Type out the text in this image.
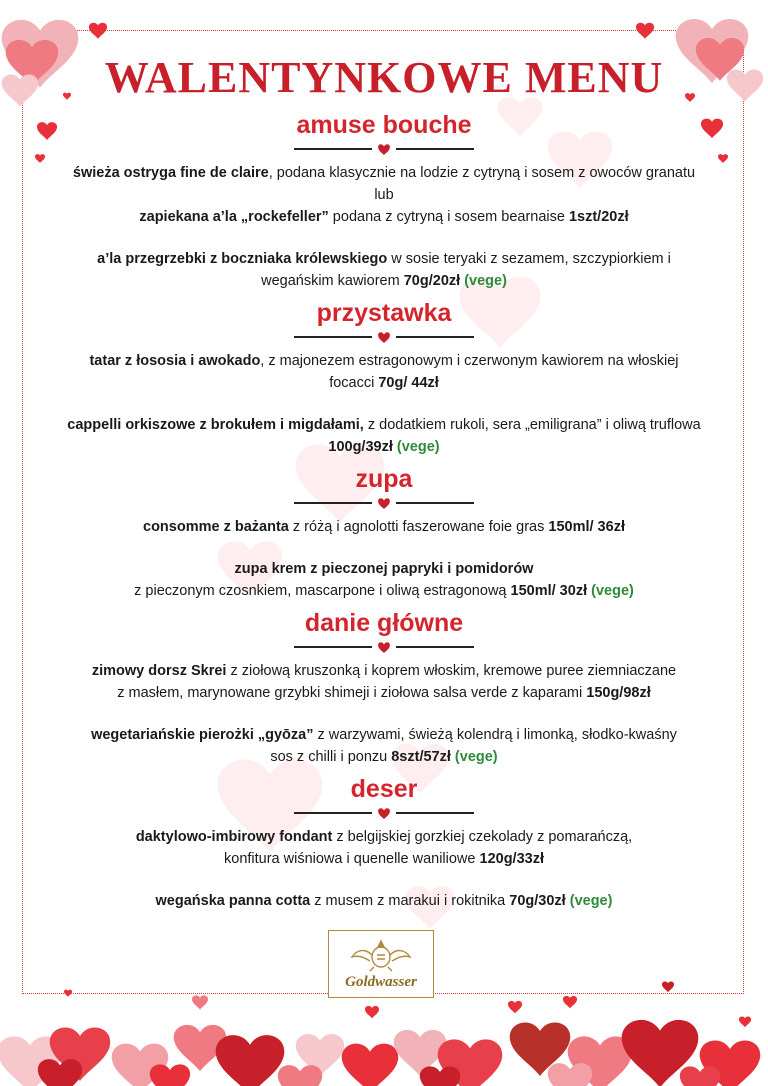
WALENTYNKOWE MENU
amuse bouche

świeża ostryga fine de claire, podana klasycznie na lodzie z cytryną i sosem z owoców granatu

lub

zapiekana a’la „rockefeller” podana z cytryną i sosem bearnaise 1szt/20zł

a’la przegrzebki z boczniaka królewskiego w sosie teryaki z sezamem, szczypiorkiem i

wegańskim kawiorem 70g/20zł (vege)

przystawka

tatar z łososia i awokado, z majonezem estragonowym i czerwonym kawiorem na włoskiej

focacci 70g/ 44zł

cappelli orkiszowe z brokułem i migdałami, z dodatkiem rukoli, sera „emiligrana” i oliwą truflowa

100g/39zł (vege)

zupa

consomme z bażanta z różą i agnolotti faszerowane foie gras 150ml/ 36zł

zupa krem z pieczonej papryki i pomidorów

z pieczonym czosnkiem, mascarpone i oliwą estragonową 150ml/ 30zł (vege)

danie główne

zimowy dorsz Skrei z ziołową kruszonką i koprem włoskim, kremowe puree ziemniaczane

z masłem, marynowane grzybki shimeji i ziołowa salsa verde z kaparami 150g/98zł

wegetariańskie pierożki „gyōza” z warzywami, świeżą kolendrą i limonką, słodko-kwaśny

sos z chilli i ponzu 8szt/57zł (vege)

deser

daktylowo-imbirowy fondant z belgijskiej gorzkiej czekolady z pomarańczą,

konfitura wiśniowa i quenelle waniliowe 120g/33zł

wegańska panna cotta z musem z marakui i rokitnika 70g/30zł (vege)

Goldwasser
